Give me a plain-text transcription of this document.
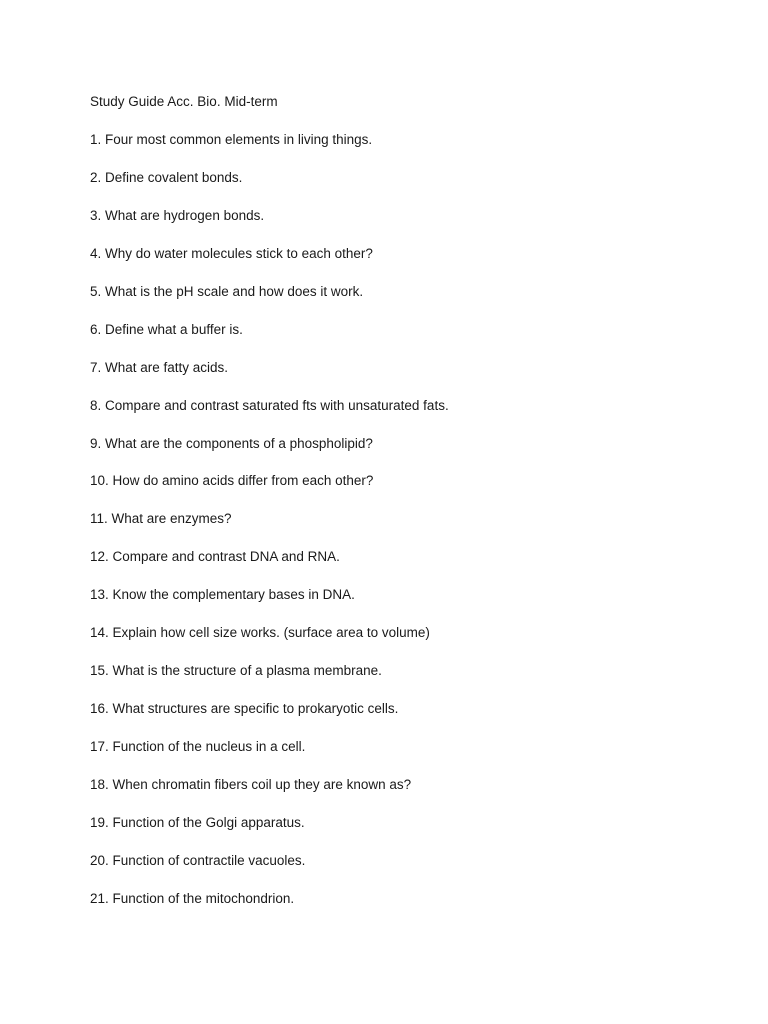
Study Guide Acc. Bio. Mid-term
1. Four most common elements in living things.
2. Define covalent bonds.
3. What are hydrogen bonds.
4. Why do water molecules stick to each other?
5. What is the pH scale and how does it work.
6. Define what a buffer is.
7. What are fatty acids.
8. Compare and contrast saturated fts with unsaturated fats.
9. What are the components of a phospholipid?
10. How do amino acids differ from each other?
11. What are enzymes?
12. Compare and contrast DNA and RNA.
13. Know the complementary bases in DNA.
14. Explain how cell size works. (surface area to volume)
15. What is the structure of a plasma membrane.
16. What structures are specific to prokaryotic cells.
17. Function of the nucleus in a cell.
18. When chromatin fibers coil up they are known as?
19. Function of the Golgi apparatus.
20. Function of contractile vacuoles.
21. Function of the mitochondrion.
